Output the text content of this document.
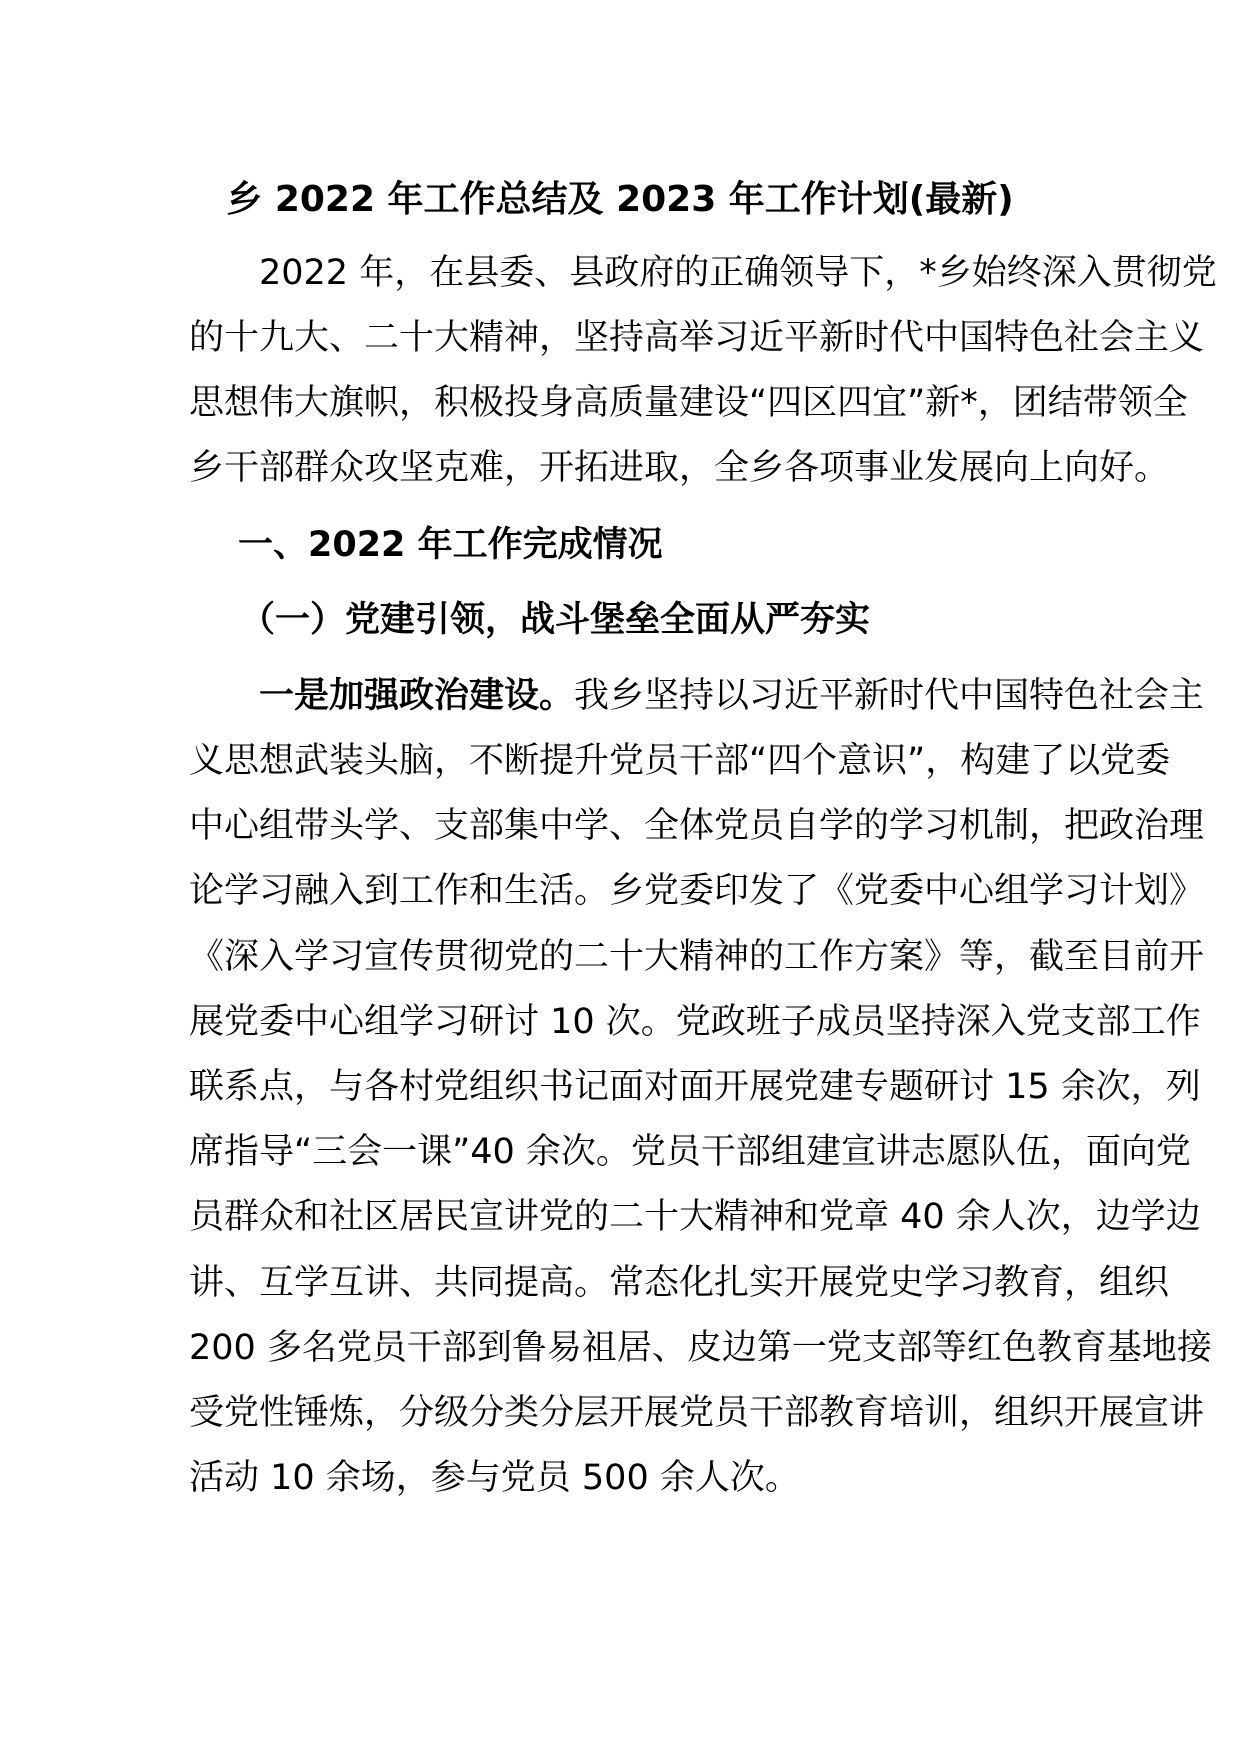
乡 2022 年工作总结及 2023 年工作计划(最新)
2022 年，在县委、县政府的正确领导下，*乡始终深入贯彻党
的十九大、二十大精神，坚持高举习近平新时代中国特色社会主义
思想伟大旗帜，积极投身高质量建设“四区四宜”新*，团结带领全
乡干部群众攻坚克难，开拓进取，全乡各项事业发展向上向好。
一、2022 年工作完成情况
（一）党建引领，战斗堡垒全面从严夯实
一是加强政治建设。我乡坚持以习近平新时代中国特色社会主
义思想武装头脑，不断提升党员干部“四个意识”，构建了以党委
中心组带头学、支部集中学、全体党员自学的学习机制，把政治理
论学习融入到工作和生活。乡党委印发了《党委中心组学习计划》
《深入学习宣传贯彻党的二十大精神的工作方案》等，截至目前开
展党委中心组学习研讨 10 次。党政班子成员坚持深入党支部工作
联系点，与各村党组织书记面对面开展党建专题研讨 15 余次，列
席指导“三会一课”40 余次。党员干部组建宣讲志愿队伍，面向党
员群众和社区居民宣讲党的二十大精神和党章 40 余人次，边学边
讲、互学互讲、共同提高。常态化扎实开展党史学习教育，组织
200 多名党员干部到鲁易祖居、皮边第一党支部等红色教育基地接
受党性锤炼，分级分类分层开展党员干部教育培训，组织开展宣讲
活动 10 余场，参与党员 500 余人次。
